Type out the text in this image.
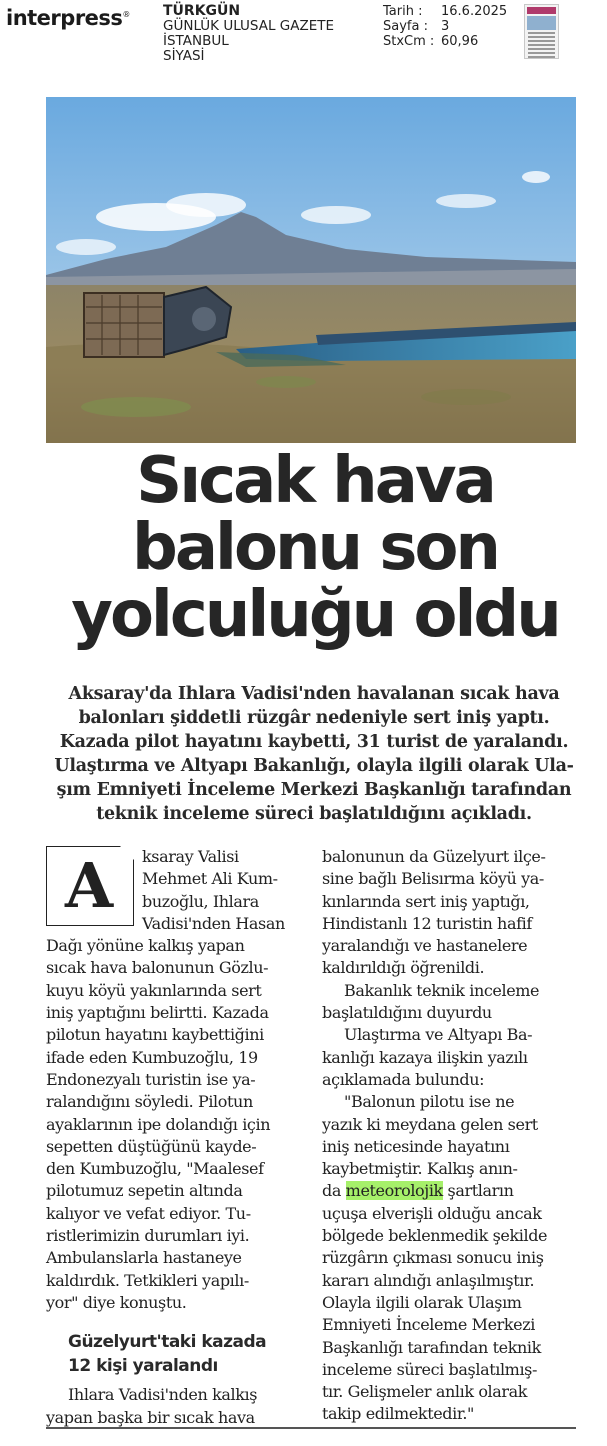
interpress® TÜRKGÜN
GÜNLÜK ULUSAL GAZETE
İSTANBUL
SİYASİ
Tarih :	16.6.2025
Sayfa :	3
StxCm : 60,96
Sıcak hava
balonu son
yolculuğu oldu
Aksaray'da Ihlara Vadisi'nden havalanan sıcak hava
balonları şiddetli rüzgâr nedeniyle sert iniş yaptı.
Kazada pilot hayatını kaybetti, 31 turist de yaralandı.
Ulaştırma ve Altyapı Bakanlığı, olayla ilgili olarak Ula-
şım Emniyeti İnceleme Merkezi Başkanlığı tarafından
teknik inceleme süreci başlatıldığını açıkladı.
A	ksaray Valisi
Mehmet Ali Kum-
buzoğlu, Ihlara
Vadisi'nden Hasan
Dağı yönüne kalkış yapan
sıcak hava balonunun Gözlu-
kuyu köyü yakınlarında sert
iniş yaptığını belirtti. Kazada
pilotun hayatını kaybettiğini
ifade eden Kumbuzoğlu, 19
Endonezyalı turistin ise ya-
ralandığını söyledi. Pilotun
ayaklarının ipe dolandığı için
sepetten düştüğünü kayde-
den Kumbuzoğlu, "Maalesef
pilotumuz sepetin altında
kalıyor ve vefat ediyor. Tu-
ristlerimizin durumları iyi.
Ambulanslarla hastaneye
kaldırdık. Tetkikleri yapılı-
yor" diye konuştu.
Güzelyurt'taki kazada
12 kişi yaralandı
Ihlara Vadisi'nden kalkış
yapan başka bir sıcak hava
balonunun da Güzelyurt ilçe-
sine bağlı Belisırma köyü ya-
kınlarında sert iniş yaptığı,
Hindistanlı 12 turistin hafif
yaralandığı ve hastanelere
kaldırıldığı öğrenildi.
Bakanlık teknik inceleme
başlatıldığını duyurdu
Ulaştırma ve Altyapı Ba-
kanlığı kazaya ilişkin yazılı
açıklamada bulundu:
"Balonun pilotu ise ne
yazık ki meydana gelen sert
iniş neticesinde hayatını
kaybetmiştir. Kalkış anın-
da meteorolojik şartların
uçuşa elverişli olduğu ancak
bölgede beklenmedik şekilde
rüzgârın çıkması sonucu iniş
kararı alındığı anlaşılmıştır.
Olayla ilgili olarak Ulaşım
Emniyeti İnceleme Merkezi
Başkanlığı tarafından teknik
inceleme süreci başlatılmış-
tır. Gelişmeler anlık olarak
takip edilmektedir."
